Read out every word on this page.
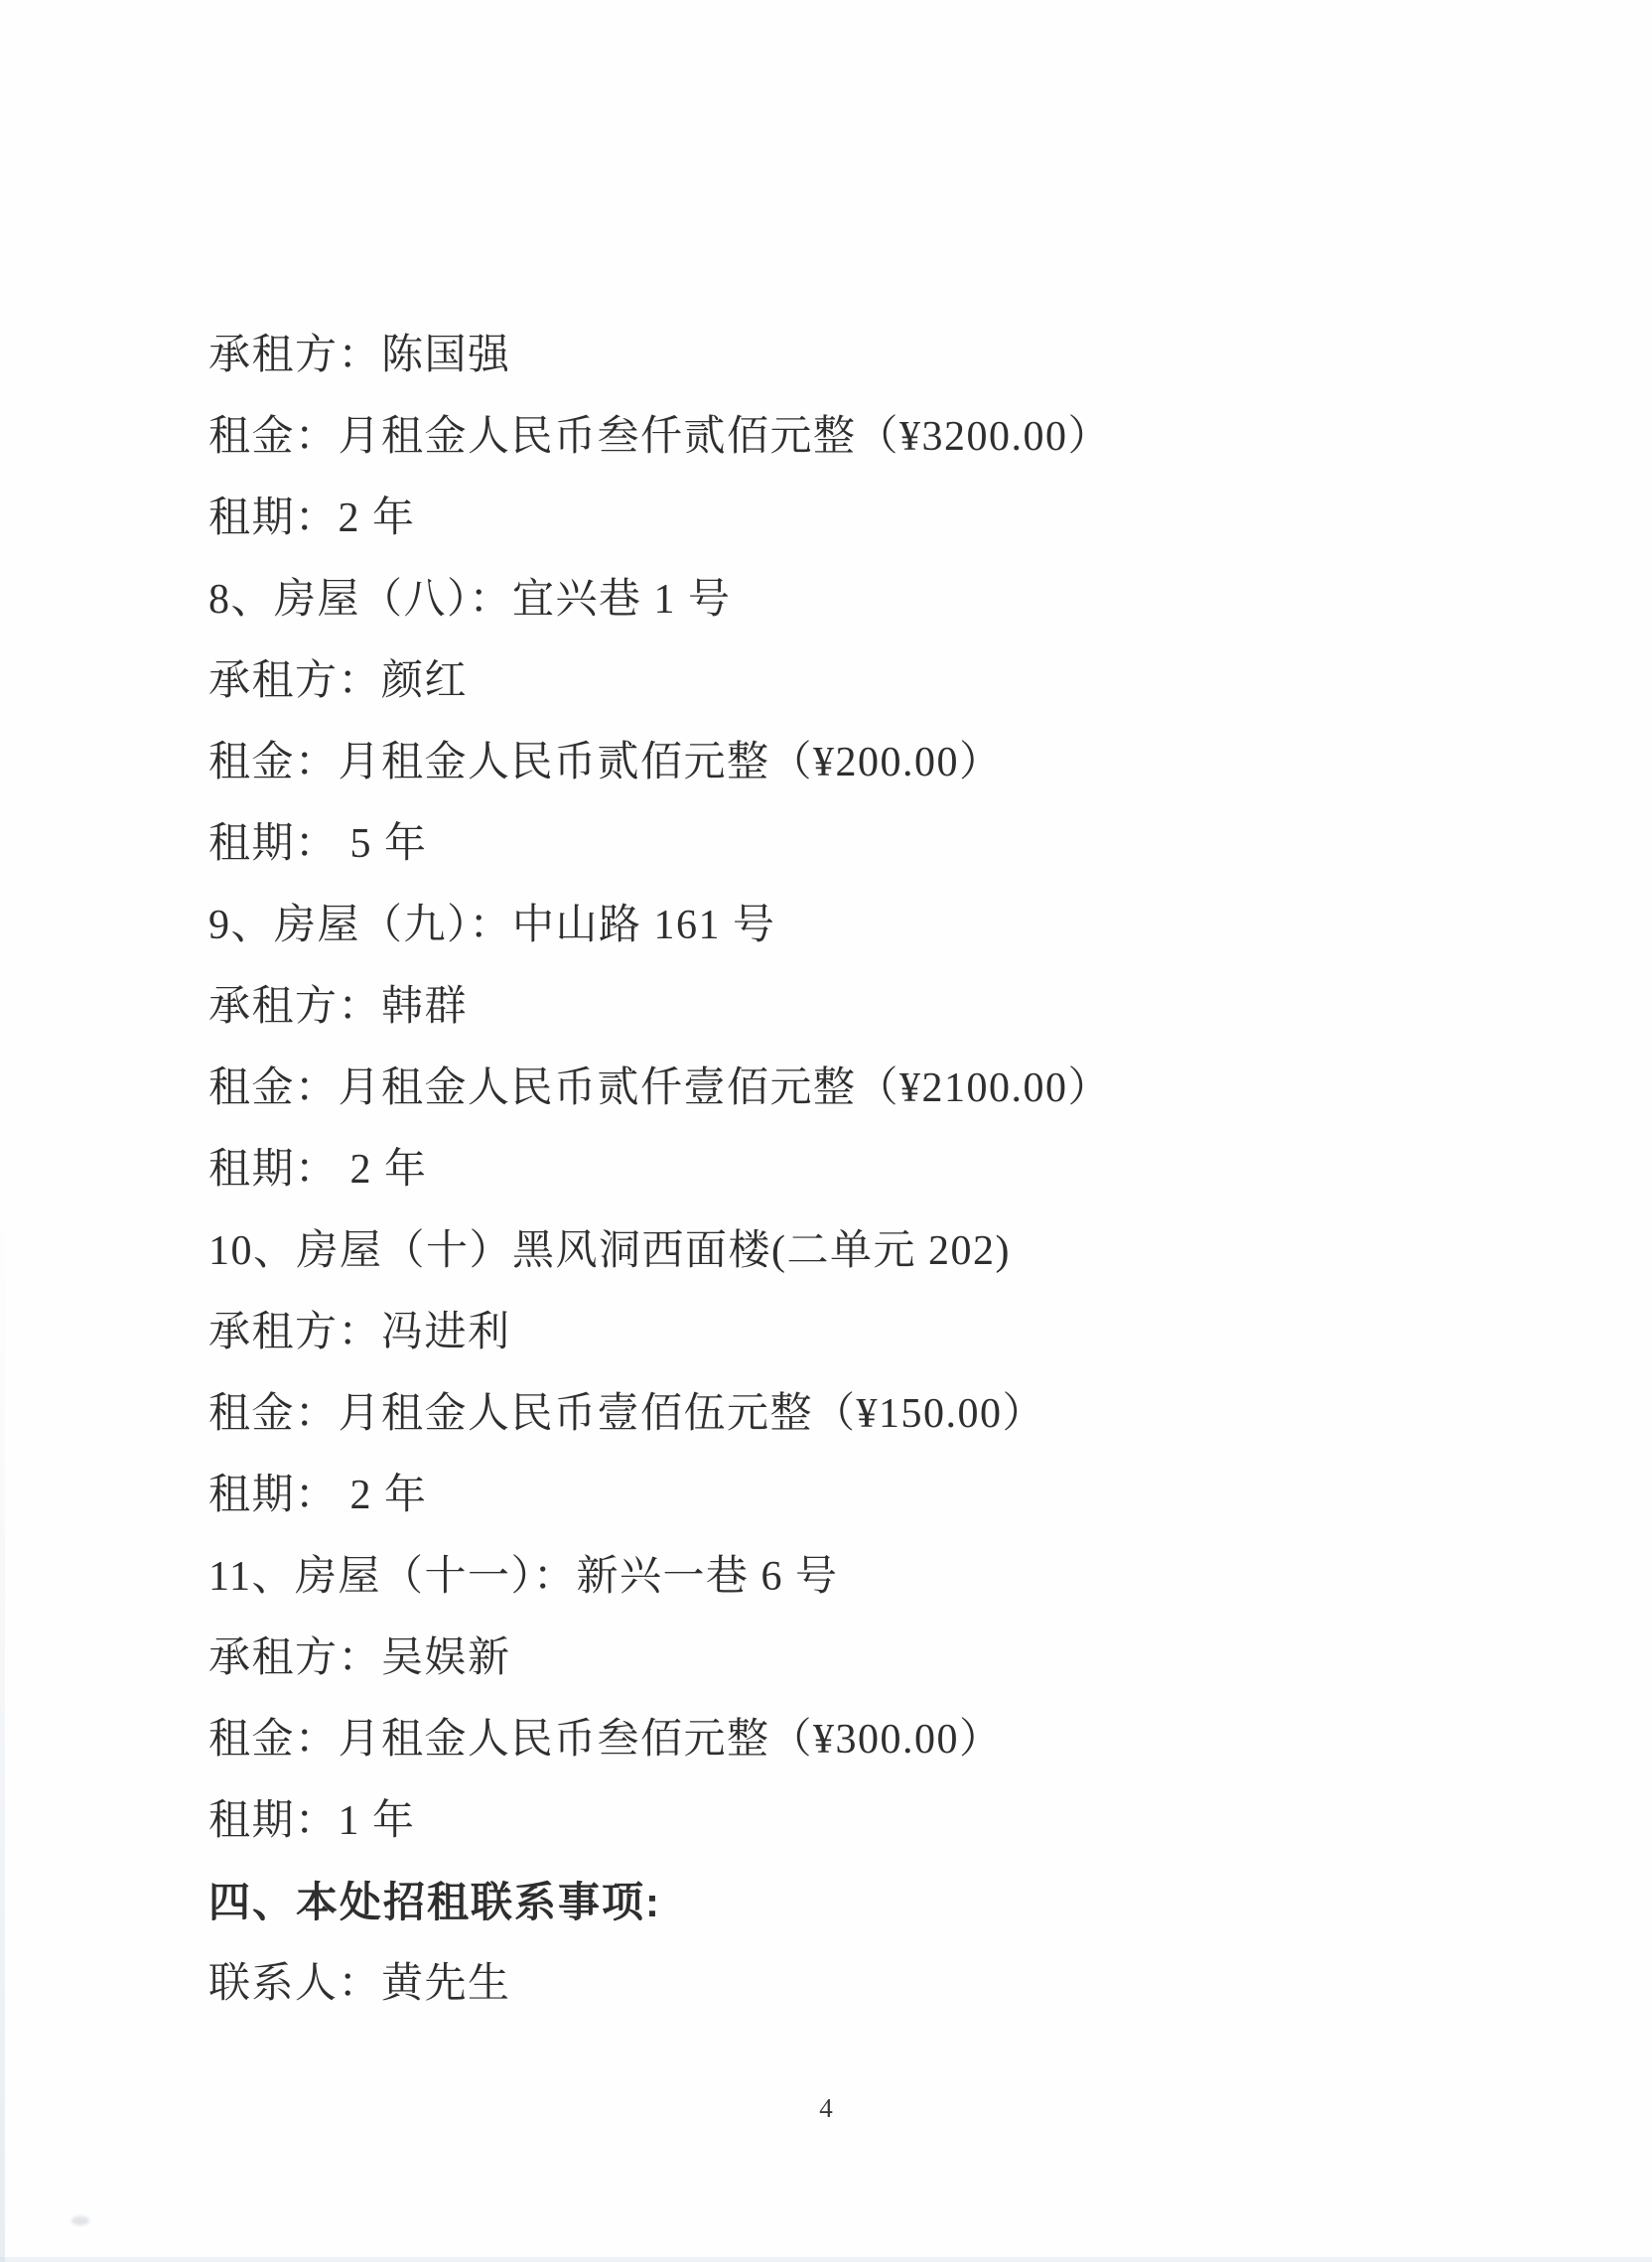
承租方：陈国强

租金：月租金人民币叁仟贰佰元整（¥3200.00）

租期：2 年

8、房屋（八）：宜兴巷 1 号

承租方：颜红

租金：月租金人民币贰佰元整（¥200.00）

租期： 5 年

9、房屋（九）：中山路 161 号

承租方：韩群

租金：月租金人民币贰仟壹佰元整（¥2100.00）

租期： 2 年

10、房屋（十）黑风洞西面楼(二单元 202)

承租方：冯进利

租金：月租金人民币壹佰伍元整（¥150.00）

租期： 2 年

11、房屋（十一）：新兴一巷 6 号

承租方：吴娱新

租金：月租金人民币叁佰元整（¥300.00）

租期：1 年

四、本处招租联系事项:

联系人：黄先生

4
